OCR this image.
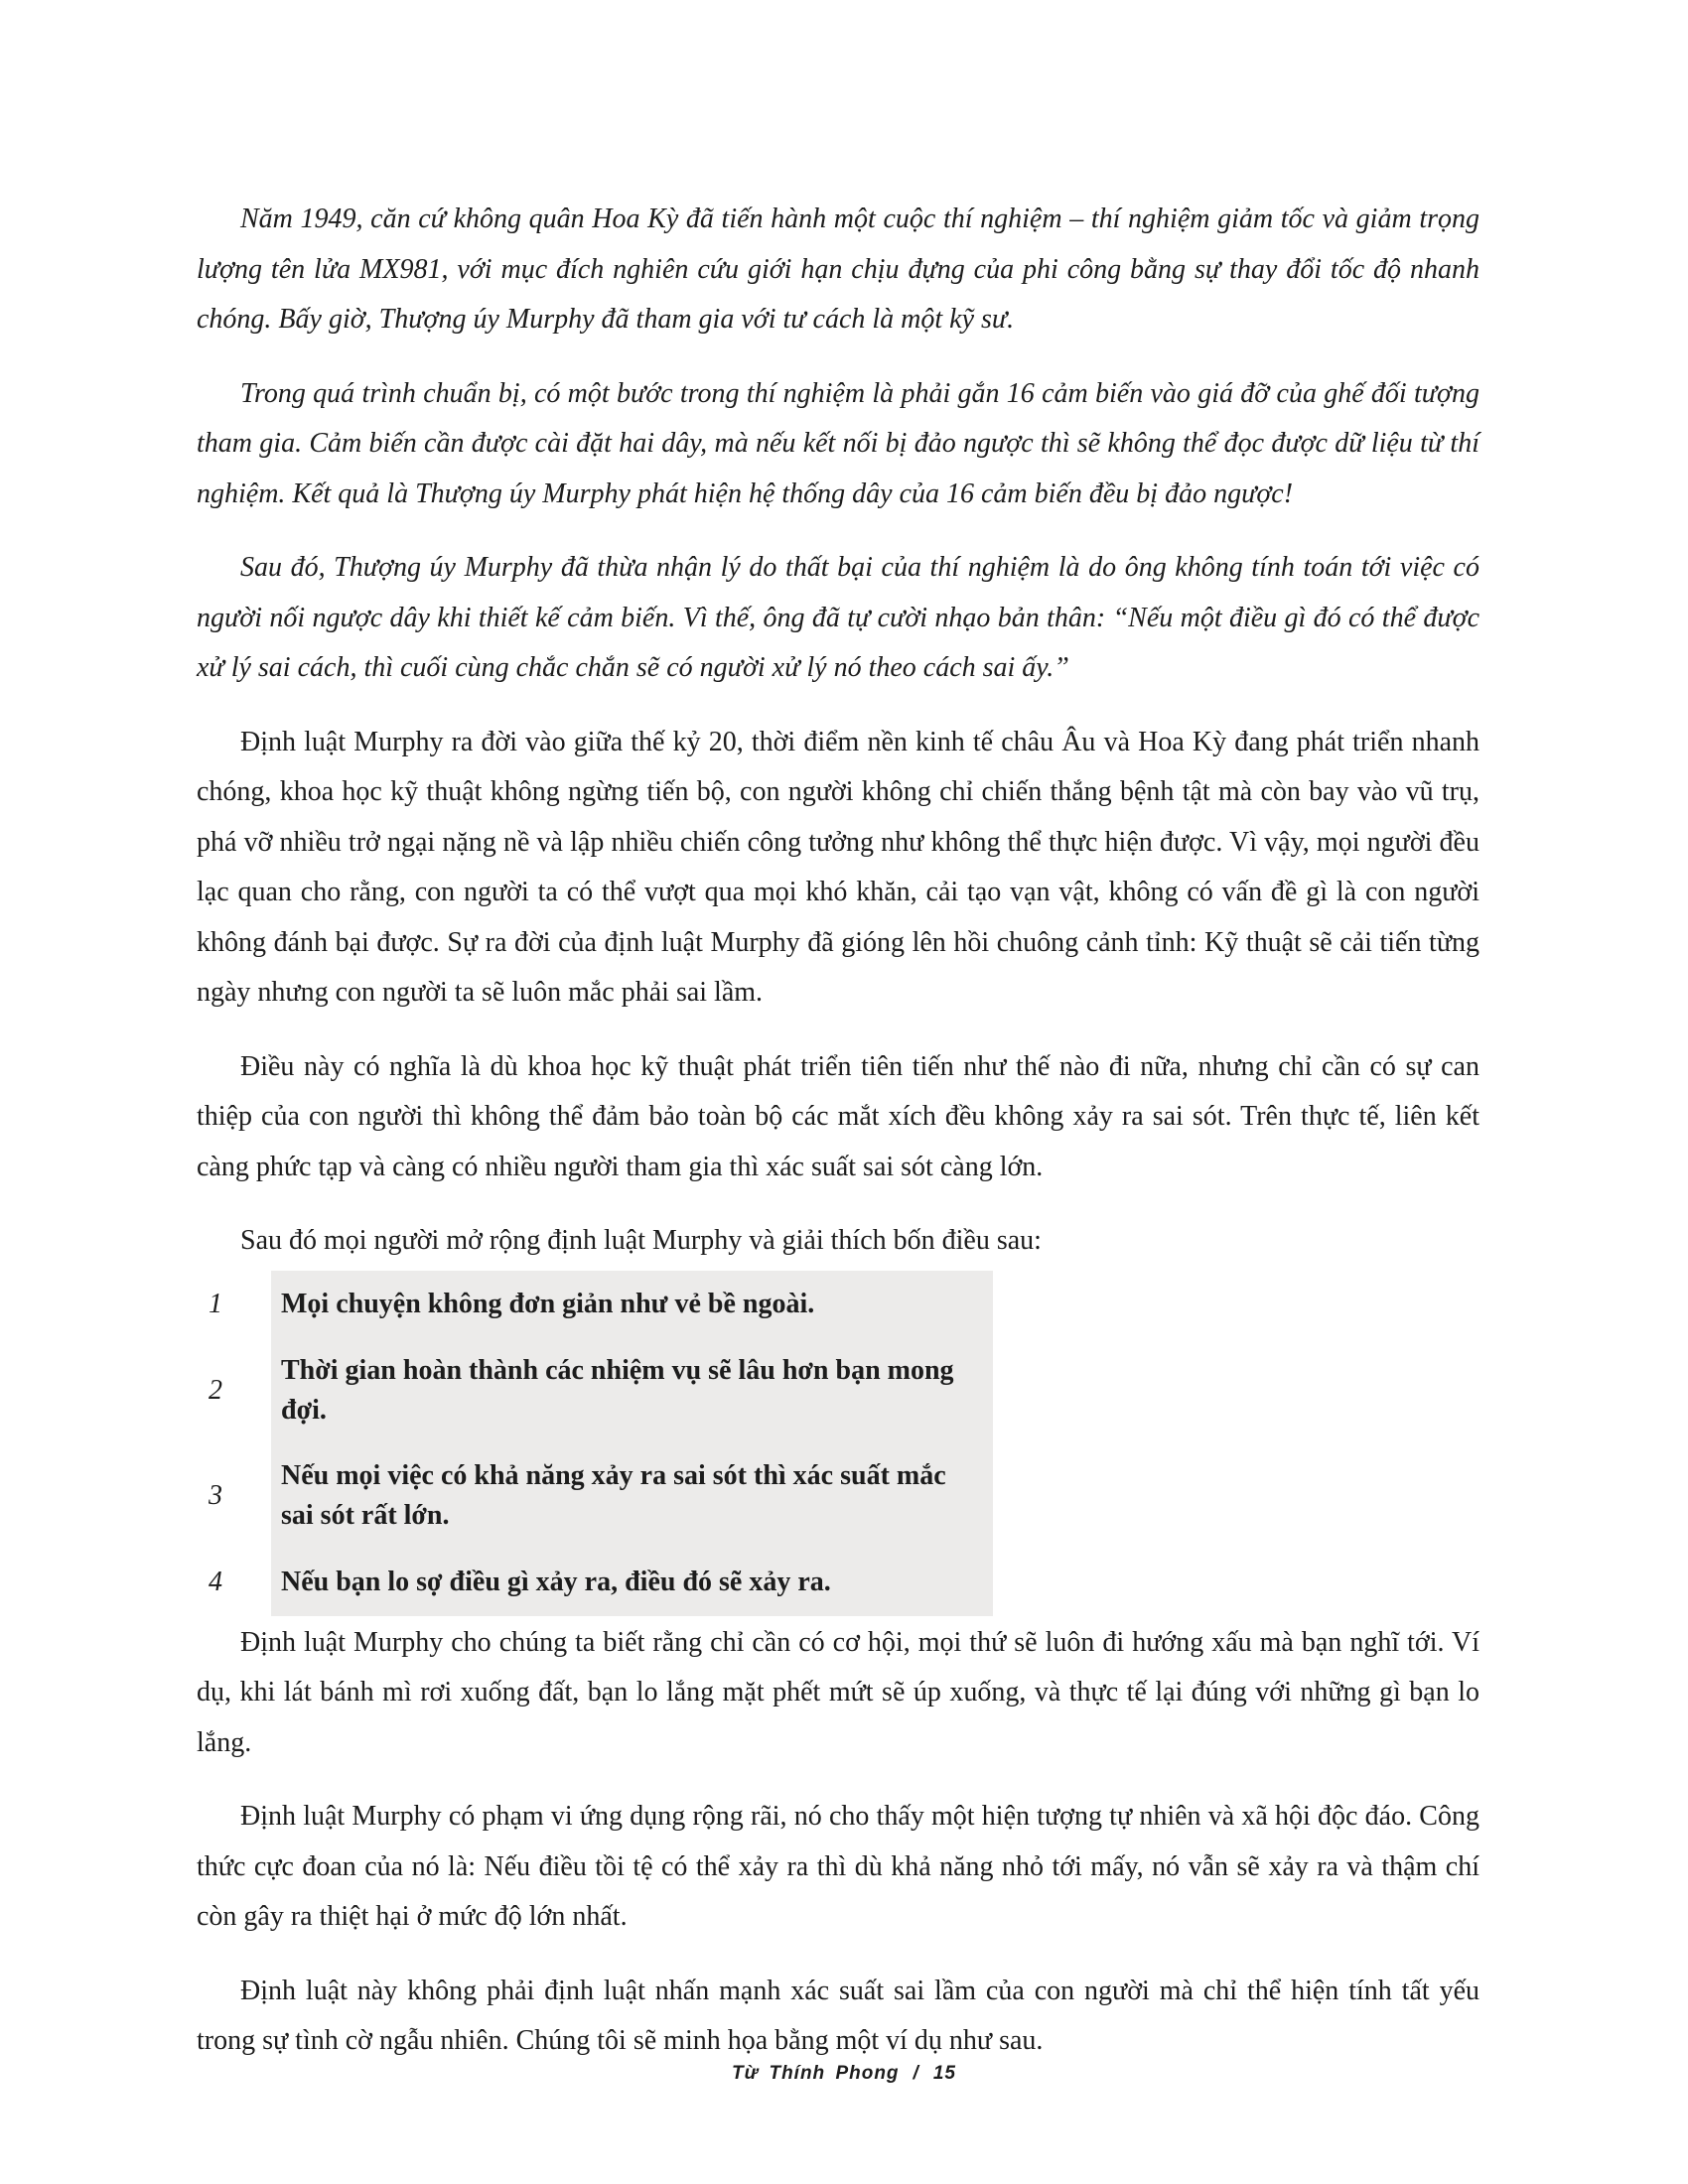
Năm 1949, căn cứ không quân Hoa Kỳ đã tiến hành một cuộc thí nghiệm – thí nghiệm giảm tốc và giảm trọng lượng tên lửa MX981, với mục đích nghiên cứu giới hạn chịu đựng của phi công bằng sự thay đổi tốc độ nhanh chóng. Bấy giờ, Thượng úy Murphy đã tham gia với tư cách là một kỹ sư.

Trong quá trình chuẩn bị, có một bước trong thí nghiệm là phải gắn 16 cảm biến vào giá đỡ của ghế đối tượng tham gia. Cảm biến cần được cài đặt hai dây, mà nếu kết nối bị đảo ngược thì sẽ không thể đọc được dữ liệu từ thí nghiệm. Kết quả là Thượng úy Murphy phát hiện hệ thống dây của 16 cảm biến đều bị đảo ngược!

Sau đó, Thượng úy Murphy đã thừa nhận lý do thất bại của thí nghiệm là do ông không tính toán tới việc có người nối ngược dây khi thiết kế cảm biến. Vì thế, ông đã tự cười nhạo bản thân: “Nếu một điều gì đó có thể được xử lý sai cách, thì cuối cùng chắc chắn sẽ có người xử lý nó theo cách sai ấy.”

Định luật Murphy ra đời vào giữa thế kỷ 20, thời điểm nền kinh tế châu Âu và Hoa Kỳ đang phát triển nhanh chóng, khoa học kỹ thuật không ngừng tiến bộ, con người không chỉ chiến thắng bệnh tật mà còn bay vào vũ trụ, phá vỡ nhiều trở ngại nặng nề và lập nhiều chiến công tưởng như không thể thực hiện được. Vì vậy, mọi người đều lạc quan cho rằng, con người ta có thể vượt qua mọi khó khăn, cải tạo vạn vật, không có vấn đề gì là con người không đánh bại được. Sự ra đời của định luật Murphy đã gióng lên hồi chuông cảnh tỉnh: Kỹ thuật sẽ cải tiến từng ngày nhưng con người ta sẽ luôn mắc phải sai lầm.

Điều này có nghĩa là dù khoa học kỹ thuật phát triển tiên tiến như thế nào đi nữa, nhưng chỉ cần có sự can thiệp của con người thì không thể đảm bảo toàn bộ các mắt xích đều không xảy ra sai sót. Trên thực tế, liên kết càng phức tạp và càng có nhiều người tham gia thì xác suất sai sót càng lớn.

Sau đó mọi người mở rộng định luật Murphy và giải thích bốn điều sau:

1	Mọi chuyện không đơn giản như vẻ bề ngoài.
2	Thời gian hoàn thành các nhiệm vụ sẽ lâu hơn bạn mong đợi.
3	Nếu mọi việc có khả năng xảy ra sai sót thì xác suất mắc sai sót rất lớn.
4	Nếu bạn lo sợ điều gì xảy ra, điều đó sẽ xảy ra.

Định luật Murphy cho chúng ta biết rằng chỉ cần có cơ hội, mọi thứ sẽ luôn đi hướng xấu mà bạn nghĩ tới. Ví dụ, khi lát bánh mì rơi xuống đất, bạn lo lắng mặt phết mứt sẽ úp xuống, và thực tế lại đúng với những gì bạn lo lắng.

Định luật Murphy có phạm vi ứng dụng rộng rãi, nó cho thấy một hiện tượng tự nhiên và xã hội độc đáo. Công thức cực đoan của nó là: Nếu điều tồi tệ có thể xảy ra thì dù khả năng nhỏ tới mấy, nó vẫn sẽ xảy ra và thậm chí còn gây ra thiệt hại ở mức độ lớn nhất.

Định luật này không phải định luật nhấn mạnh xác suất sai lầm của con người mà chỉ thể hiện tính tất yếu trong sự tình cờ ngẫu nhiên. Chúng tôi sẽ minh họa bằng một ví dụ như sau.

Từ Thính Phong / 15
